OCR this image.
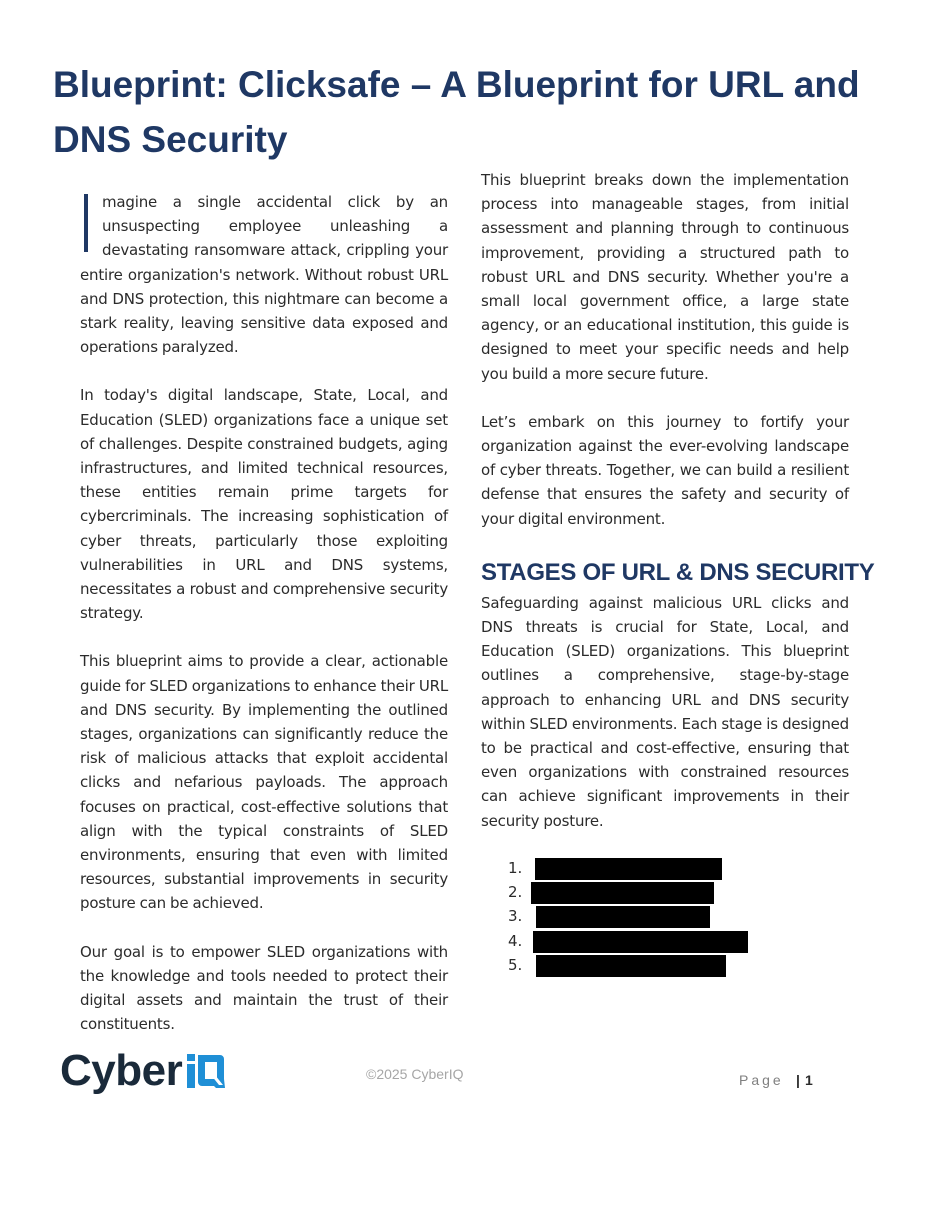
Blueprint: Clicksafe – A Blueprint for URL and DNS Security

magine a single accidental click by an unsuspecting employee unleashing a devastating ransomware attack, crippling your entire organization's network. Without robust URL and DNS protection, this nightmare can become a stark reality, leaving sensitive data exposed and operations paralyzed.

In today's digital landscape, State, Local, and Education (SLED) organizations face a unique set of challenges. Despite constrained budgets, aging infrastructures, and limited technical resources, these entities remain prime targets for cybercriminals. The increasing sophistication of cyber threats, particularly those exploiting vulnerabilities in URL and DNS systems, necessitates a robust and comprehensive security strategy.

This blueprint aims to provide a clear, actionable guide for SLED organizations to enhance their URL and DNS security. By implementing the outlined stages, organizations can significantly reduce the risk of malicious attacks that exploit accidental clicks and nefarious payloads. The approach focuses on practical, cost-effective solutions that align with the typical constraints of SLED environments, ensuring that even with limited resources, substantial improvements in security posture can be achieved.

Our goal is to empower SLED organizations with the knowledge and tools needed to protect their digital assets and maintain the trust of their constituents.

This blueprint breaks down the implementation process into manageable stages, from initial assessment and planning through to continuous improvement, providing a structured path to robust URL and DNS security. Whether you're a small local government office, a large state agency, or an educational institution, this guide is designed to meet your specific needs and help you build a more secure future.

Let’s embark on this journey to fortify your organization against the ever-evolving landscape of cyber threats. Together, we can build a resilient defense that ensures the safety and security of your digital environment.

STAGES OF URL & DNS SECURITY

Safeguarding against malicious URL clicks and DNS threats is crucial for State, Local, and Education (SLED) organizations. This blueprint outlines a comprehensive, stage-by-stage approach to enhancing URL and DNS security within SLED environments. Each stage is designed to be practical and cost-effective, ensuring that even organizations with constrained resources can achieve significant improvements in their security posture.

1.
2.
3.
4.
5.
Cyber	©2025 CyberIQ	Page | 1
